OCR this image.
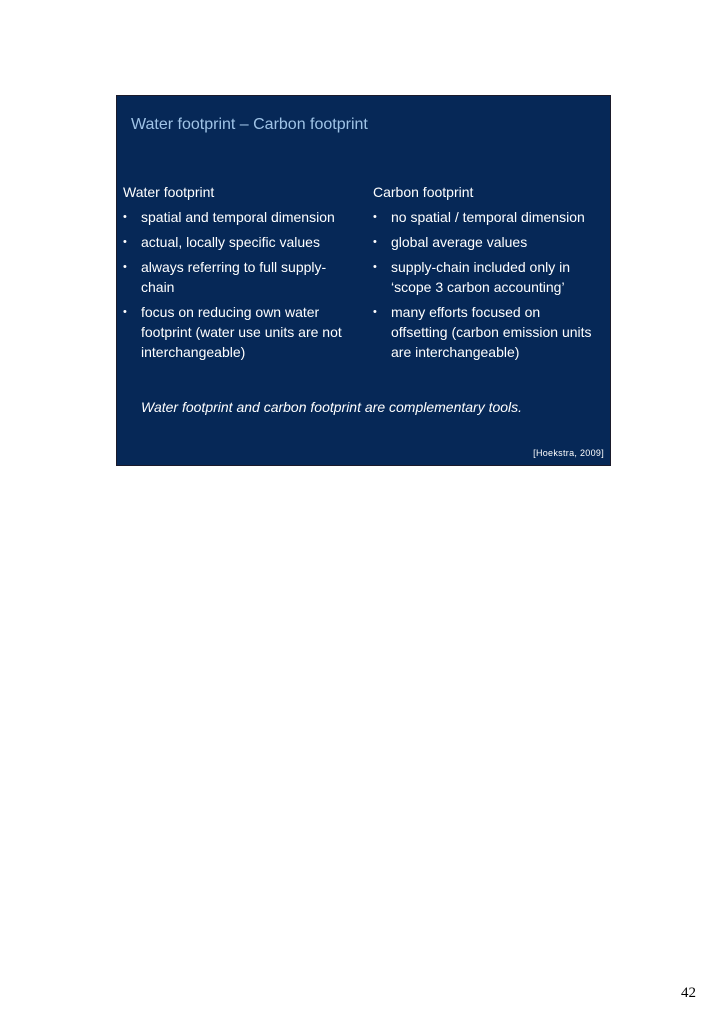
Water footprint – Carbon footprint

Water footprint

• spatial and temporal dimension
• actual, locally specific values
• always referring to full supply-chain
• focus on reducing own water footprint (water use units are not interchangeable)

Carbon footprint

• no spatial / temporal dimension
• global average values
• supply-chain included only in ‘scope 3 carbon accounting’
• many efforts focused on offsetting (carbon emission units are interchangeable)

Water footprint and carbon footprint are complementary tools.

[Hoekstra, 2009]

42
